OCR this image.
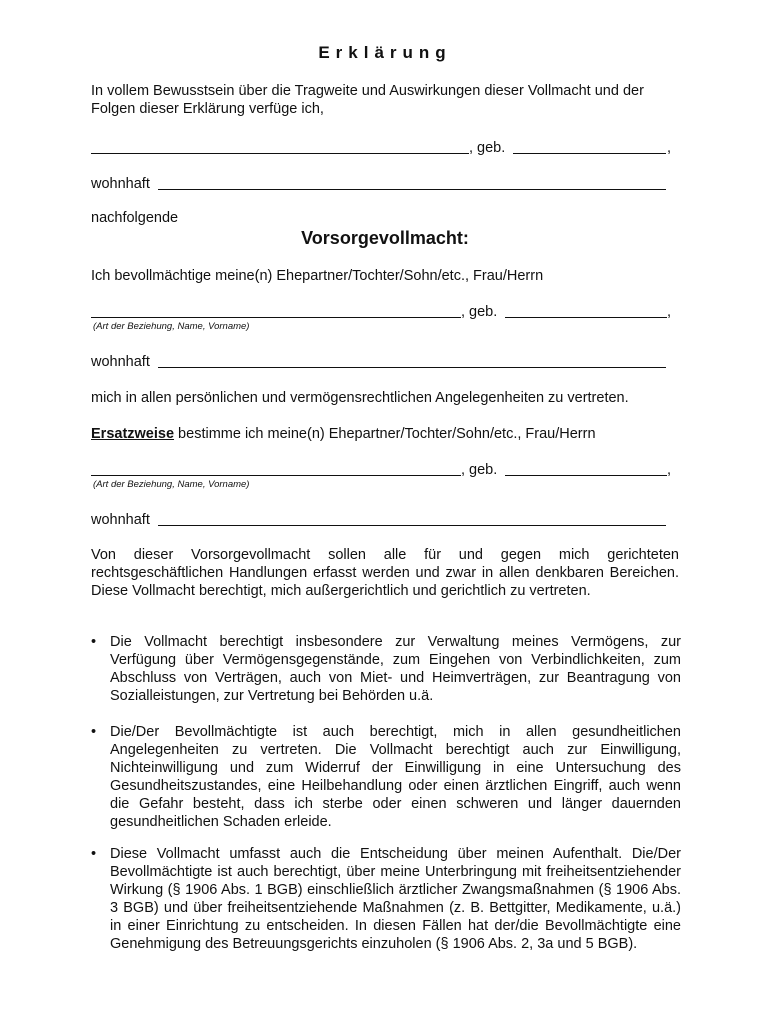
Erklärung
In vollem Bewusstsein über die Tragweite und Auswirkungen dieser Vollmacht und der Folgen dieser Erklärung verfüge ich,
, geb.	,
wohnhaft
nachfolgende
Vorsorgevollmacht:
Ich bevollmächtige meine(n) Ehepartner/Tochter/Sohn/etc., Frau/Herrn
, geb.	,
(Art der Beziehung, Name, Vorname)
wohnhaft
mich in allen persönlichen und vermögensrechtlichen Angelegenheiten zu vertreten.
Ersatzweise bestimme ich meine(n) Ehepartner/Tochter/Sohn/etc., Frau/Herrn
, geb.	,
(Art der Beziehung, Name, Vorname)
wohnhaft
Von dieser Vorsorgevollmacht sollen alle für und gegen mich gerichteten rechtsgeschäftlichen Handlungen erfasst werden und zwar in allen denkbaren Bereichen. Diese Vollmacht berechtigt, mich außergerichtlich und gerichtlich zu vertreten.
• Die Vollmacht berechtigt insbesondere zur Verwaltung meines Vermögens, zur Verfügung über Vermögensgegenstände, zum Eingehen von Verbindlichkeiten, zum Abschluss von Verträgen, auch von Miet- und Heimverträgen, zur Beantragung von Sozialleistungen, zur Vertretung bei Behörden u.ä.
• Die/Der Bevollmächtigte ist auch berechtigt, mich in allen gesundheitlichen Angelegenheiten zu vertreten. Die Vollmacht berechtigt auch zur Einwilligung, Nichteinwilligung und zum Widerruf der Einwilligung in eine Untersuchung des Gesundheitszustandes, eine Heilbehandlung oder einen ärztlichen Eingriff, auch wenn die Gefahr besteht, dass ich sterbe oder einen schweren und länger dauernden gesundheitlichen Schaden erleide.
• Diese Vollmacht umfasst auch die Entscheidung über meinen Aufenthalt. Die/Der Bevollmächtigte ist auch berechtigt, über meine Unterbringung mit freiheitsentziehender Wirkung (§ 1906 Abs. 1 BGB) einschließlich ärztlicher Zwangsmaßnahmen (§ 1906 Abs. 3 BGB) und über freiheitsentziehende Maßnahmen (z. B. Bettgitter, Medikamente, u.ä.) in einer Einrichtung zu entscheiden. In diesen Fällen hat der/die Bevollmächtigte eine Genehmigung des Betreuungsgerichts einzuholen (§ 1906 Abs. 2, 3a und 5 BGB).
